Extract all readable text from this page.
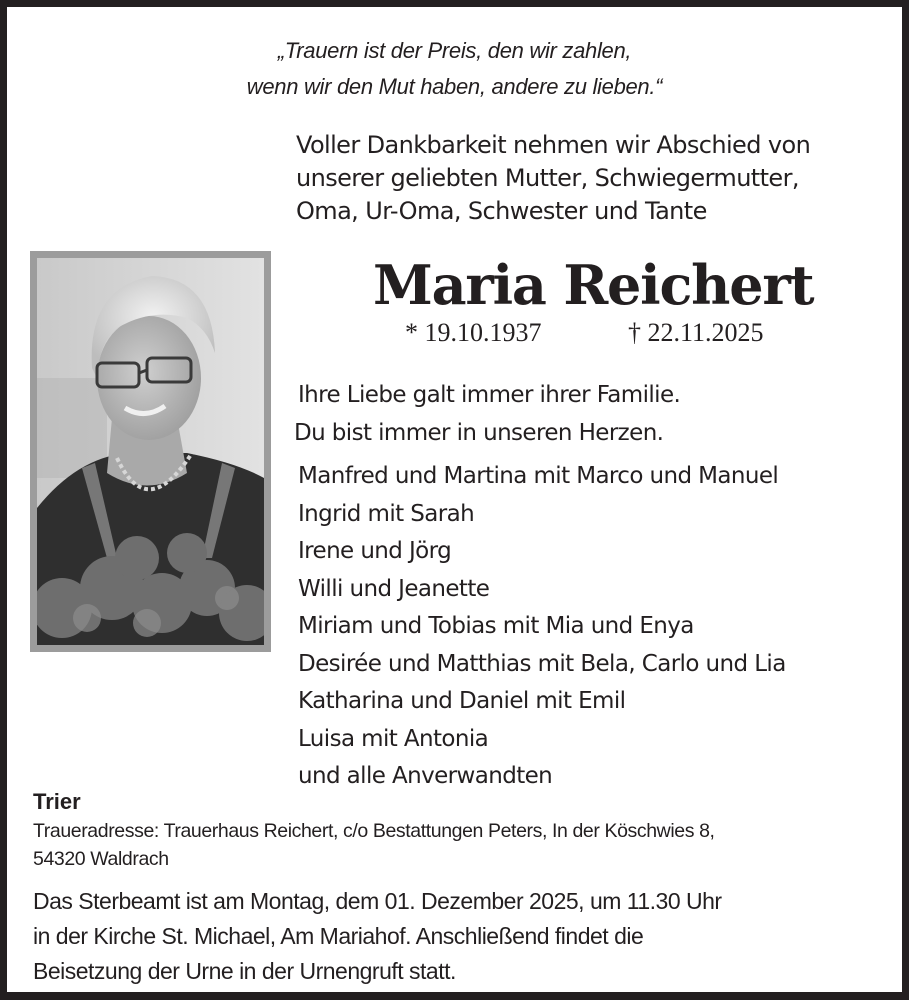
„Trauern ist der Preis, den wir zahlen,
wenn wir den Mut haben, andere zu lieben.“
Voller Dankbarkeit nehmen wir Abschied von
unserer geliebten Mutter, Schwiegermutter,
Oma, Ur-Oma, Schwester und Tante
Maria Reichert
* 19.10.1937	† 22.11.2025
Ihre Liebe galt immer ihrer Familie.
Du bist immer in unseren Herzen.
Manfred und Martina mit Marco und Manuel
Ingrid mit Sarah
Irene und Jörg
Willi und Jeanette
Miriam und Tobias mit Mia und Enya
Desirée und Matthias mit Bela, Carlo und Lia
Katharina und Daniel mit Emil
Luisa mit Antonia
und alle Anverwandten
Trier
Traueradresse: Trauerhaus Reichert, c/o Bestattungen Peters, In der Köschwies 8,
54320 Waldrach
Das Sterbeamt ist am Montag, dem 01. Dezember 2025, um 11.30 Uhr
in der Kirche St. Michael, Am Mariahof. Anschließend findet die
Beisetzung der Urne in der Urnengruft statt.
